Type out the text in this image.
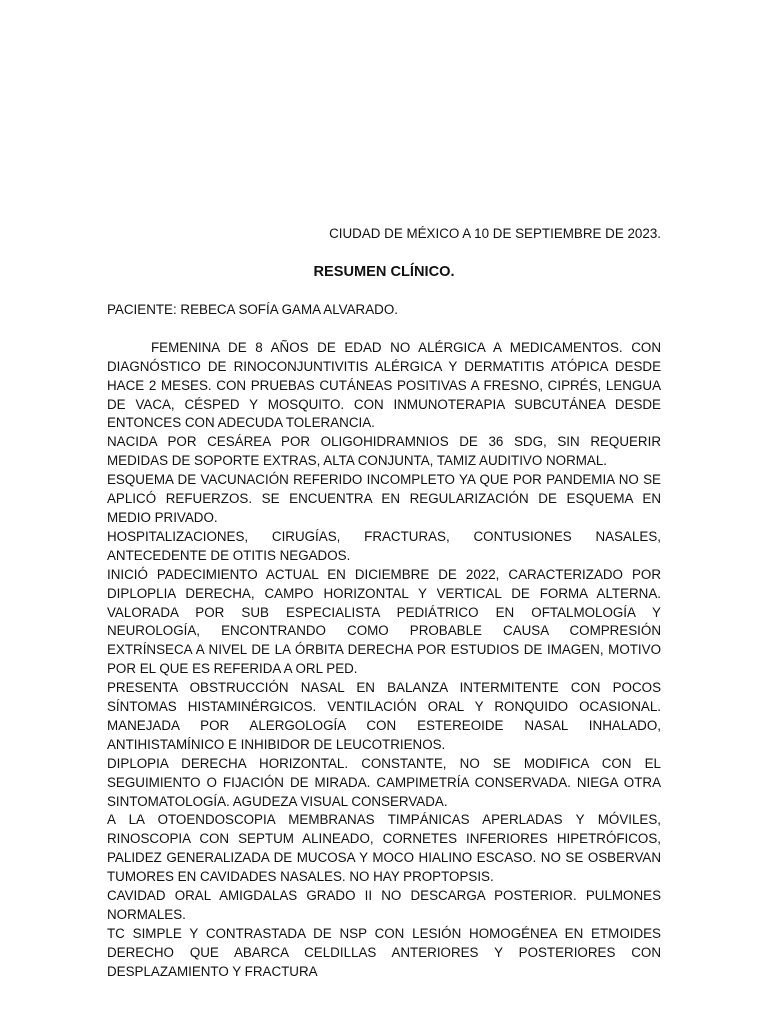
CIUDAD DE MÉXICO A 10 DE SEPTIEMBRE DE 2023.

RESUMEN CLÍNICO.

PACIENTE: REBECA SOFÍA GAMA ALVARADO.

FEMENINA DE 8 AÑOS DE EDAD NO ALÉRGICA A MEDICAMENTOS. CON DIAGNÓSTICO DE RINOCONJUNTIVITIS ALÉRGICA Y DERMATITIS ATÓPICA DESDE HACE 2 MESES. CON PRUEBAS CUTÁNEAS POSITIVAS A FRESNO, CIPRÉS, LENGUA DE VACA, CÉSPED Y MOSQUITO. CON INMUNOTERAPIA SUBCUTÁNEA DESDE ENTONCES CON ADECUDA TOLERANCIA.

NACIDA POR CESÁREA POR OLIGOHIDRAMNIOS DE 36 SDG, SIN REQUERIR MEDIDAS DE SOPORTE EXTRAS, ALTA CONJUNTA, TAMIZ AUDITIVO NORMAL.

ESQUEMA DE VACUNACIÓN REFERIDO INCOMPLETO YA QUE POR PANDEMIA NO SE APLICÓ REFUERZOS. SE ENCUENTRA EN REGULARIZACIÓN DE ESQUEMA EN MEDIO PRIVADO.

HOSPITALIZACIONES, CIRUGÍAS, FRACTURAS, CONTUSIONES NASALES, ANTECEDENTE DE OTITIS NEGADOS.

INICIÓ PADECIMIENTO ACTUAL EN DICIEMBRE DE 2022, CARACTERIZADO POR DIPLOPLIA DERECHA, CAMPO HORIZONTAL Y VERTICAL DE FORMA ALTERNA. VALORADA POR SUB ESPECIALISTA PEDIÁTRICO EN OFTALMOLOGÍA Y NEUROLOGÍA, ENCONTRANDO COMO PROBABLE CAUSA COMPRESIÓN EXTRÍNSECA A NIVEL DE LA ÓRBITA DERECHA POR ESTUDIOS DE IMAGEN, MOTIVO POR EL QUE ES REFERIDA A ORL PED.

PRESENTA OBSTRUCCIÓN NASAL EN BALANZA INTERMITENTE CON POCOS SÍNTOMAS HISTAMINÉRGICOS. VENTILACIÓN ORAL Y RONQUIDO OCASIONAL. MANEJADA POR ALERGOLOGÍA CON ESTEREOIDE NASAL INHALADO, ANTIHISTAMÍNICO E INHIBIDOR DE LEUCOTRIENOS.

DIPLOPIA DERECHA HORIZONTAL. CONSTANTE, NO SE MODIFICA CON EL SEGUIMIENTO O FIJACIÓN DE MIRADA. CAMPIMETRÍA CONSERVADA. NIEGA OTRA SINTOMATOLOGÍA. AGUDEZA VISUAL CONSERVADA.

A LA OTOENDOSCOPIA MEMBRANAS TIMPÁNICAS APERLADAS Y MÓVILES, RINOSCOPIA CON SEPTUM ALINEADO, CORNETES INFERIORES HIPETRÓFICOS, PALIDEZ GENERALIZADA DE MUCOSA Y MOCO HIALINO ESCASO. NO SE OSBERVAN TUMORES EN CAVIDADES NASALES. NO HAY PROPTOPSIS.

CAVIDAD ORAL AMIGDALAS GRADO II NO DESCARGA POSTERIOR. PULMONES NORMALES.

TC SIMPLE Y CONTRASTADA DE NSP CON LESIÓN HOMOGÉNEA EN ETMOIDES DERECHO QUE ABARCA CELDILLAS ANTERIORES Y POSTERIORES CON DESPLAZAMIENTO Y FRACTURA
